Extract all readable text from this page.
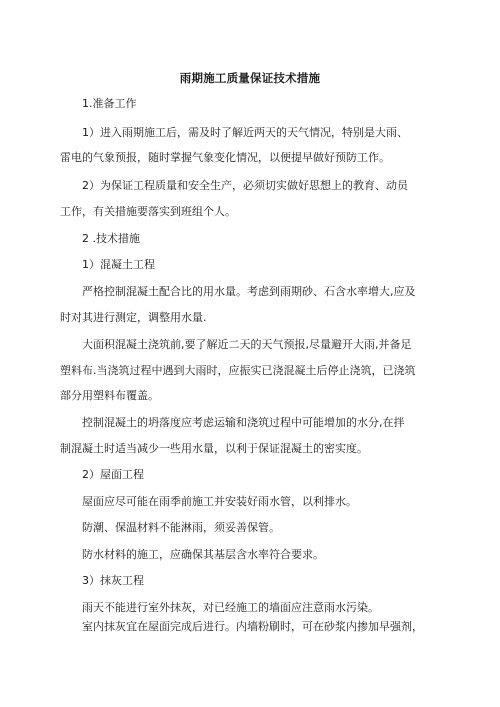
雨期施工质量保证技术措施
1.准备工作
1）进入雨期施工后，需及时了解近两天的天气情况，特别是大雨、
雷电的气象预报，随时掌握气象变化情况，以便提早做好预防工作。
2）为保证工程质量和安全生产，必须切实做好思想上的教育、动员
工作，有关措施要落实到班组个人。
2 .技术措施
1）混凝土工程
严格控制混凝土配合比的用水量。考虑到雨期砂、石含水率增大,应及
时对其进行测定，调整用水量.
大面积混凝土浇筑前,要了解近二天的天气预报,尽量避开大雨,并备足
塑料布.当浇筑过程中遇到大雨时，应振实已浇混凝土后停止浇筑，已浇筑
部分用塑料布覆盖。
控制混凝土的坍落度应考虑运输和浇筑过程中可能增加的水分,在拌
制混凝土时适当减少一些用水量，以利于保证混凝土的密实度。
2）屋面工程
屋面应尽可能在雨季前施工并安装好雨水管，以利排水。
防潮、保温材料不能淋雨，须妥善保管。
防水材料的施工，应确保其基层含水率符合要求。
3）抹灰工程
雨天不能进行室外抹灰，对已经施工的墙面应注意雨水污染。
室内抹灰宜在屋面完成后进行。内墙粉刷时，可在砂浆内掺加早强剂，
